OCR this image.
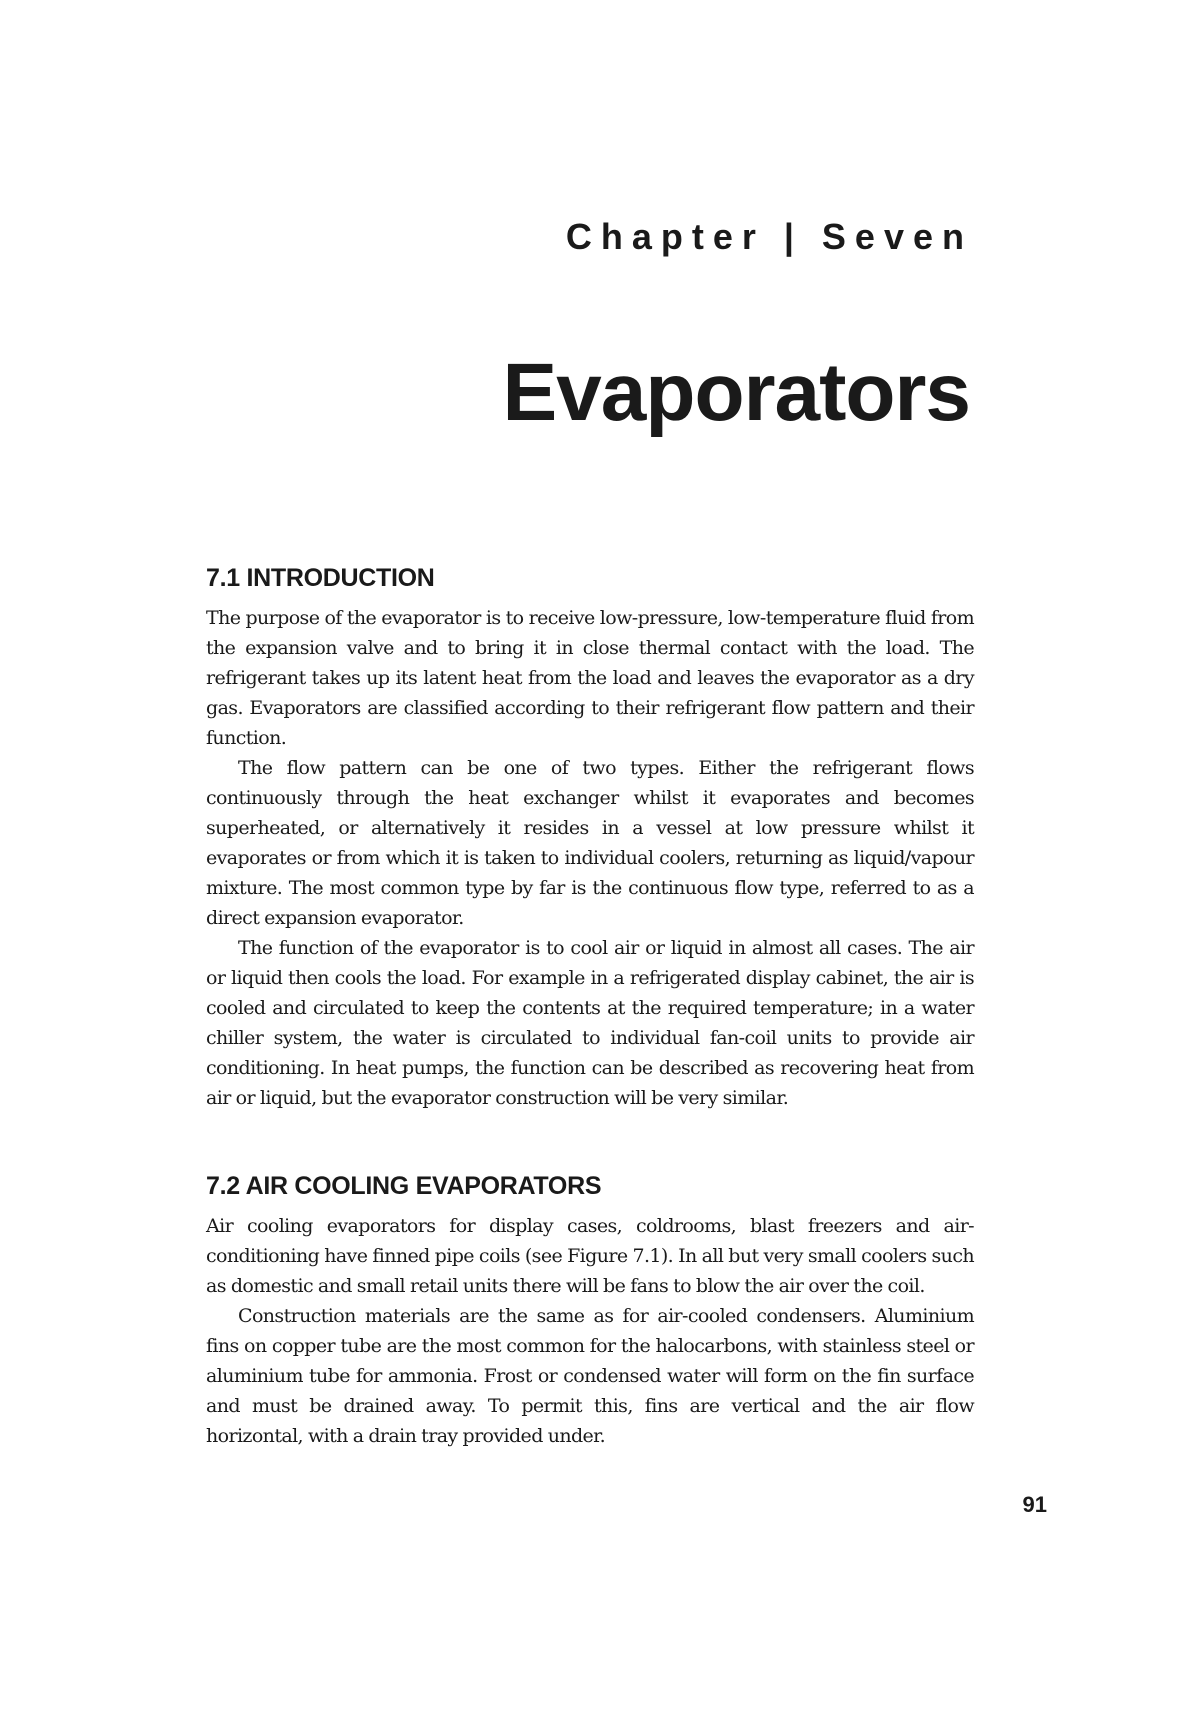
Chapter | Seven
Evaporators
7.1 INTRODUCTION

The purpose of the evaporator is to receive low-pressure, low-temperature fluid from the expansion valve and to bring it in close thermal contact with the load. The refrigerant takes up its latent heat from the load and leaves the evaporator as a dry gas. Evaporators are classified according to their refrigerant flow pattern and their function.

The flow pattern can be one of two types. Either the refrigerant flows continuously through the heat exchanger whilst it evaporates and becomes superheated, or alternatively it resides in a vessel at low pressure whilst it evaporates or from which it is taken to individual coolers, returning as liquid/vapour mixture. The most common type by far is the continuous flow type, referred to as a direct expansion evaporator.

The function of the evaporator is to cool air or liquid in almost all cases. The air or liquid then cools the load. For example in a refrigerated display cabinet, the air is cooled and circulated to keep the contents at the required temperature; in a water chiller system, the water is circulated to individual fan-coil units to provide air conditioning. In heat pumps, the function can be described as recovering heat from air or liquid, but the evaporator construction will be very similar.

7.2 AIR COOLING EVAPORATORS

Air cooling evaporators for display cases, coldrooms, blast freezers and air-conditioning have finned pipe coils (see Figure 7.1). In all but very small coolers such as domestic and small retail units there will be fans to blow the air over the coil.

Construction materials are the same as for air-cooled condensers. Aluminium fins on copper tube are the most common for the halocarbons, with stainless steel or aluminium tube for ammonia. Frost or condensed water will form on the fin surface and must be drained away. To permit this, fins are vertical and the air flow horizontal, with a drain tray provided under.

91
